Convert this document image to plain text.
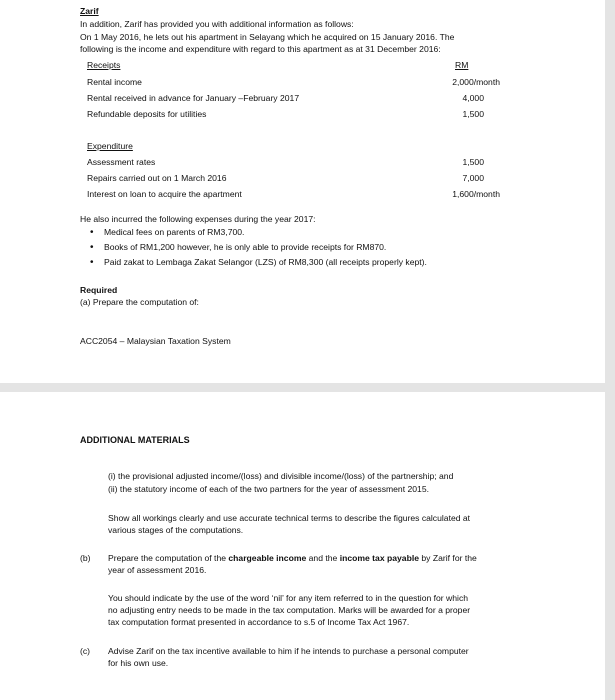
Zarif
In addition, Zarif has provided you with additional information as follows:
On 1 May 2016, he lets out his apartment in Selayang which he acquired on 15 January 2016. The
following is the income and expenditure with regard to this apartment as at 31 December 2016:
Receipts	RM
Rental income	2,000/month
Rental received in advance for January –February 2017	4,000
Refundable deposits for utilities	1,500
Expenditure
Assessment rates	1,500
Repairs carried out on 1 March 2016	7,000
Interest on loan to acquire the apartment	1,600/month
He also incurred the following expenses during the year 2017:
• Medical fees on parents of RM3,700.
• Books of RM1,200 however, he is only able to provide receipts for RM870.
• Paid zakat to Lembaga Zakat Selangor (LZS) of RM8,300 (all receipts properly kept).
Required
(a) Prepare the computation of:
ACC2054 – Malaysian Taxation System
ADDITIONAL MATERIALS
(i) the provisional adjusted income/(loss) and divisible income/(loss) of the partnership; and
(ii) the statutory income of each of the two partners for the year of assessment 2015.
Show all workings clearly and use accurate technical terms to describe the figures calculated at
various stages of the computations.
(b) Prepare the computation of the chargeable income and the income tax payable by Zarif for the
year of assessment 2016.
You should indicate by the use of the word ‘nil’ for any item referred to in the question for which
no adjusting entry needs to be made in the tax computation. Marks will be awarded for a proper
tax computation format presented in accordance to s.5 of Income Tax Act 1967.
(c) Advise Zarif on the tax incentive available to him if he intends to purchase a personal computer
for his own use.
